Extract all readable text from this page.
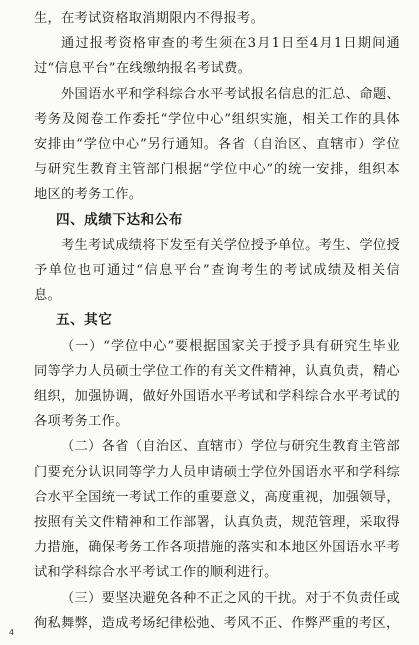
生，在考试资格取消期限内不得报考。

通过报考资格审查的考生须在3月1日至4月1日期间通过“信息平台”在线缴纳报名考试费。

外国语水平和学科综合水平考试报名信息的汇总、命题、考务及阅卷工作委托“学位中心”组织实施，相关工作的具体安排由“学位中心”另行通知。各省（自治区、直辖市）学位与研究生教育主管部门根据“学位中心”的统一安排，组织本地区的考务工作。

四、成绩下达和公布

考生考试成绩将下发至有关学位授予单位。考生、学位授予单位也可通过“信息平台”查询考生的考试成绩及相关信息。

五、其它

（一）“学位中心”要根据国家关于授予具有研究生毕业同等学力人员硕士学位工作的有关文件精神，认真负责，精心组织，加强协调，做好外国语水平考试和学科综合水平考试的各项考务工作。

（二）各省（自治区、直辖市）学位与研究生教育主管部门要充分认识同等学力人员申请硕士学位外国语水平和学科综合水平全国统一考试工作的重要意义，高度重视，加强领导，按照有关文件精神和工作部署，认真负责，规范管理，采取得力措施，确保考务工作各项措施的落实和本地区外国语水平考试和学科综合水平考试工作的顺利进行。

（三）要坚决避免各种不正之风的干扰。对于不负责任或徇私舞弊，造成考场纪律松弛、考风不正、作弊严重的考区，

4
